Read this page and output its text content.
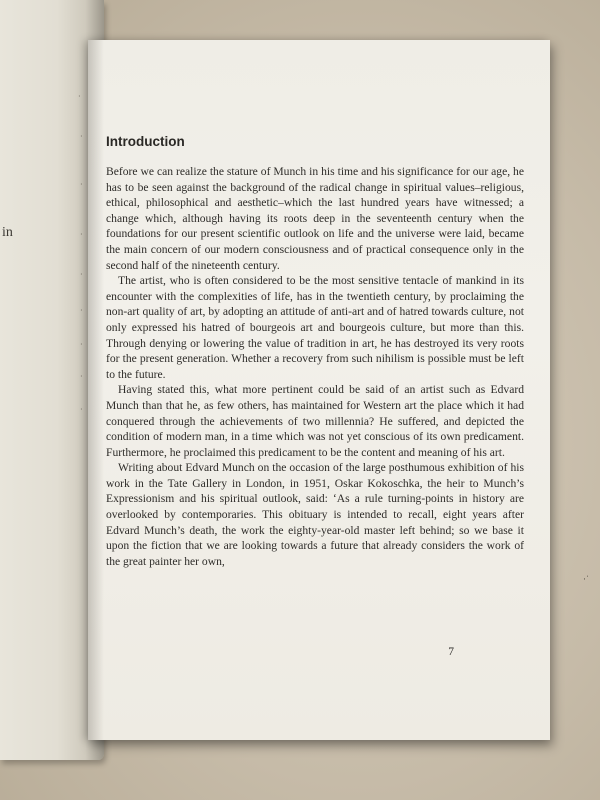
·
·
·
·
·
·
·
·
·
in
Introduction

Before we can realize the stature of Munch in his time and his significance for our age, he has to be seen against the background of the radical change in spiritual values–religious, ethical, philosophical and aesthetic–which the last hundred years have witnessed; a change which, although having its roots deep in the seventeenth century when the foundations for our present scientific outlook on life and the universe were laid, became the main concern of our modern consciousness and of practical consequence only in the second half of the nineteenth century.

The artist, who is often considered to be the most sensitive tentacle of mankind in its encounter with the complexities of life, has in the twentieth century, by proclaiming the non-art quality of art, by adopting an attitude of anti-art and of hatred towards culture, not only expressed his hatred of bourgeois art and bourgeois culture, but more than this. Through denying or lowering the value of tradition in art, he has destroyed its very roots for the present generation. Whether a recovery from such nihilism is possible must be left to the future.

Having stated this, what more pertinent could be said of an artist such as Edvard Munch than that he, as few others, has maintained for Western art the place which it had conquered through the achievements of two millennia? He suffered, and depicted the condition of modern man, in a time which was not yet conscious of its own predicament. Furthermore, he proclaimed this predicament to be the content and meaning of his art.

Writing about Edvard Munch on the occasion of the large posthumous exhibition of his work in the Tate Gallery in London, in 1951, Oskar Kokoschka, the heir to Munch’s Expressionism and his spiritual outlook, said: ‘As a rule turning-points in history are overlooked by contemporaries. This obituary is intended to recall, eight years after Edvard Munch’s death, the work the eighty-year-old master left behind; so we base it upon the fiction that we are looking towards a future that already considers the work of the great painter her own,

7

·ˈ
